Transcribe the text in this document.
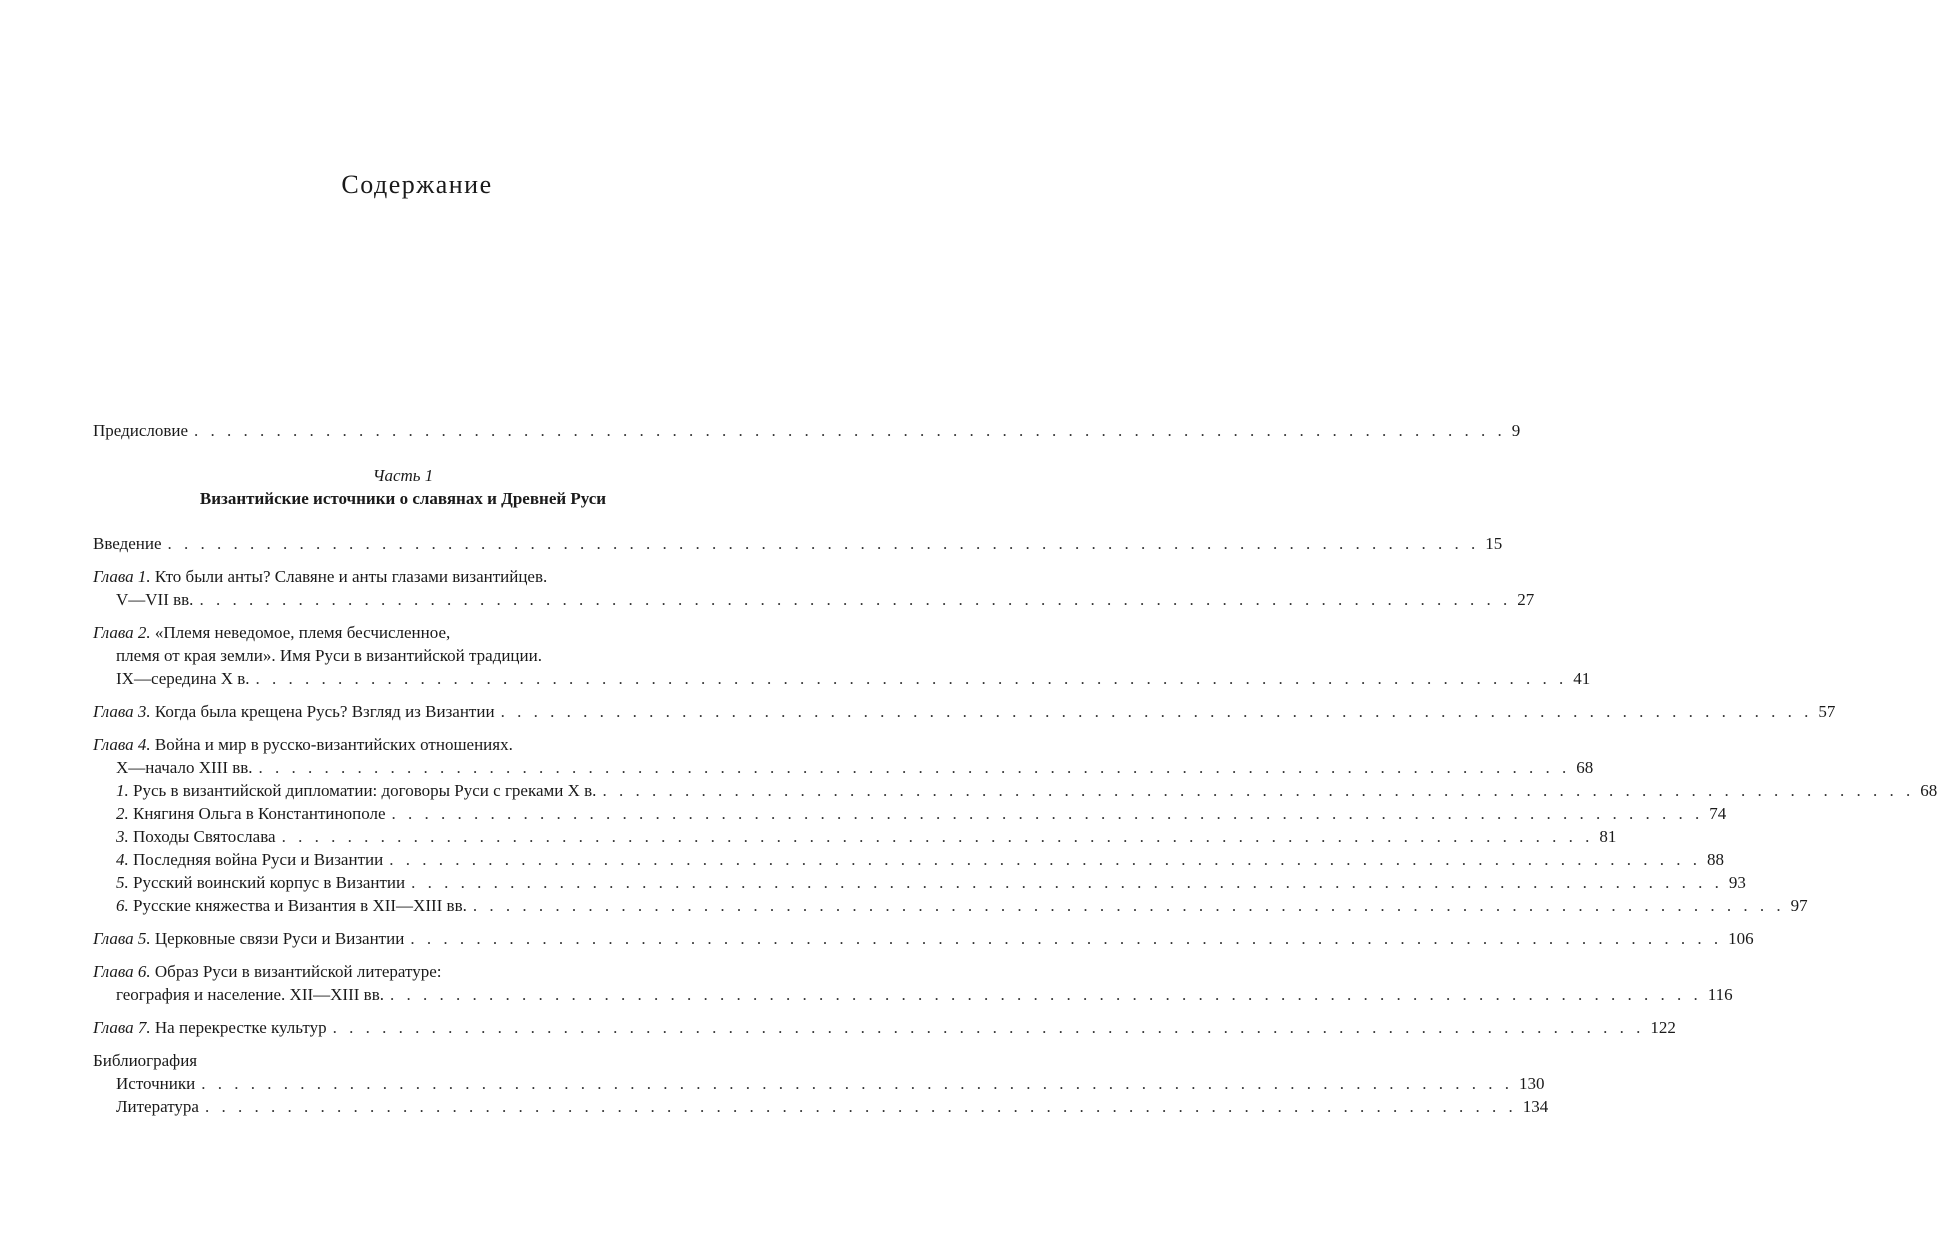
Содержание
Предисловие . . . . . . . . . . . . . . . . . . . . . . . . . . . . . . . . . . . . . . . . . . . . . . . . . . . . . . . . . . . . . . . . . . . . . . . . . . . . . . . . 9
Часть 1
Византийские источники о славянах и Древней Руси
Введение . . . . . . . . . . . . . . . . . . . . . . . . . . . . . . . . . . . . . . . . . . . . . . . . . . . . . . . . . . . . . . . . . . . . . . . . . . . . . . . . 15
Глава 1. Кто были анты? Славяне и анты глазами византийцев.
V—VII вв. . . . . . . . . . . . . . . . . . . . . . . . . . . . . . . . . . . . . . . . . . . . . . . . . . . . . . . . . . . . . . . . . . . . . . . . . . . . . . . . . 27
Глава 2. «Племя неведомое, племя бесчисленное,
племя от края земли». Имя Руси в византийской традиции.
IX—середина X в. . . . . . . . . . . . . . . . . . . . . . . . . . . . . . . . . . . . . . . . . . . . . . . . . . . . . . . . . . . . . . . . . . . . . . . . . . . . . . . . . 41
Глава 3. Когда была крещена Русь? Взгляд из Византии . . . . . . . . . . . . . . . . . . . . . . . . . . . . . . . . . . . . . . . . . . . . . . . . . . . . . . . . . . . . . . . . . . . . . . . . . . . . . . . . 57
Глава 4. Война и мир в русско-византийских отношениях.
X—начало XIII вв. . . . . . . . . . . . . . . . . . . . . . . . . . . . . . . . . . . . . . . . . . . . . . . . . . . . . . . . . . . . . . . . . . . . . . . . . . . . . . . . . 68
1. Русь в византийской дипломатии: договоры Руси с греками X в. . . . . . . . . . . . . . . . . . . . . . . . . . . . . . . . . . . . . . . . . . . . . . . . . . . . . . . . . . . . . . . . . . . . . . . . . . . . . . . . . 68
2. Княгиня Ольга в Константинополе . . . . . . . . . . . . . . . . . . . . . . . . . . . . . . . . . . . . . . . . . . . . . . . . . . . . . . . . . . . . . . . . . . . . . . . . . . . . . . . . 74
3. Походы Святослава . . . . . . . . . . . . . . . . . . . . . . . . . . . . . . . . . . . . . . . . . . . . . . . . . . . . . . . . . . . . . . . . . . . . . . . . . . . . . . . . 81
4. Последняя война Руси и Византии . . . . . . . . . . . . . . . . . . . . . . . . . . . . . . . . . . . . . . . . . . . . . . . . . . . . . . . . . . . . . . . . . . . . . . . . . . . . . . . . 88
5. Русский воинский корпус в Византии . . . . . . . . . . . . . . . . . . . . . . . . . . . . . . . . . . . . . . . . . . . . . . . . . . . . . . . . . . . . . . . . . . . . . . . . . . . . . . . . 93
6. Русские княжества и Византия в XII—XIII вв. . . . . . . . . . . . . . . . . . . . . . . . . . . . . . . . . . . . . . . . . . . . . . . . . . . . . . . . . . . . . . . . . . . . . . . . . . . . . . . . . 97
Глава 5. Церковные связи Руси и Византии . . . . . . . . . . . . . . . . . . . . . . . . . . . . . . . . . . . . . . . . . . . . . . . . . . . . . . . . . . . . . . . . . . . . . . . . . . . . . . . . 106
Глава 6. Образ Руси в византийской литературе:
география и население. XII—XIII вв. . . . . . . . . . . . . . . . . . . . . . . . . . . . . . . . . . . . . . . . . . . . . . . . . . . . . . . . . . . . . . . . . . . . . . . . . . . . . . . . . 116
Глава 7. На перекрестке культур . . . . . . . . . . . . . . . . . . . . . . . . . . . . . . . . . . . . . . . . . . . . . . . . . . . . . . . . . . . . . . . . . . . . . . . . . . . . . . . . 122
Библиография
Источники . . . . . . . . . . . . . . . . . . . . . . . . . . . . . . . . . . . . . . . . . . . . . . . . . . . . . . . . . . . . . . . . . . . . . . . . . . . . . . . . 130
Литература . . . . . . . . . . . . . . . . . . . . . . . . . . . . . . . . . . . . . . . . . . . . . . . . . . . . . . . . . . . . . . . . . . . . . . . . . . . . . . . . 134
